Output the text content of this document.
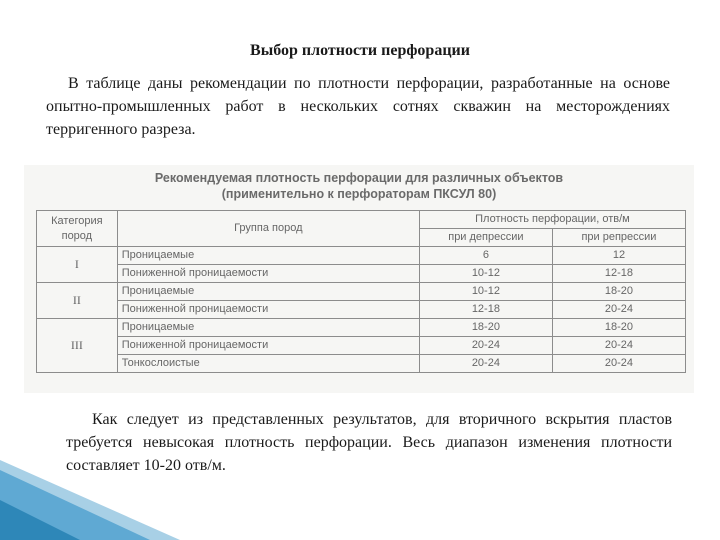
Выбор плотности перфорации
В таблице даны рекомендации по плотности перфорации, разработанные на основе опытно-промышленных работ в нескольких сотнях скважин на месторождениях терригенного разреза.
Рекомендуемая плотность перфорации для различных объектов
(применительно к перфораторам ПКСУЛ 80)
Категория пород	Группа пород	Плотность перфорации, отв/м	
		при депрессии	при репрессии
I	Проницаемые	6	12
	Пониженной проницаемости	10-12	12-18
II	Проницаемые	10-12	18-20
	Пониженной проницаемости	12-18	20-24
III	Проницаемые	18-20	18-20
	Пониженной проницаемости	20-24	20-24
	Тонкослоистые	20-24	20-24
Как следует из представленных результатов, для вторичного вскрытия пластов требуется невысокая плотность перфорации. Весь диапазон изменения плотности составляет 10-20 отв/м.
